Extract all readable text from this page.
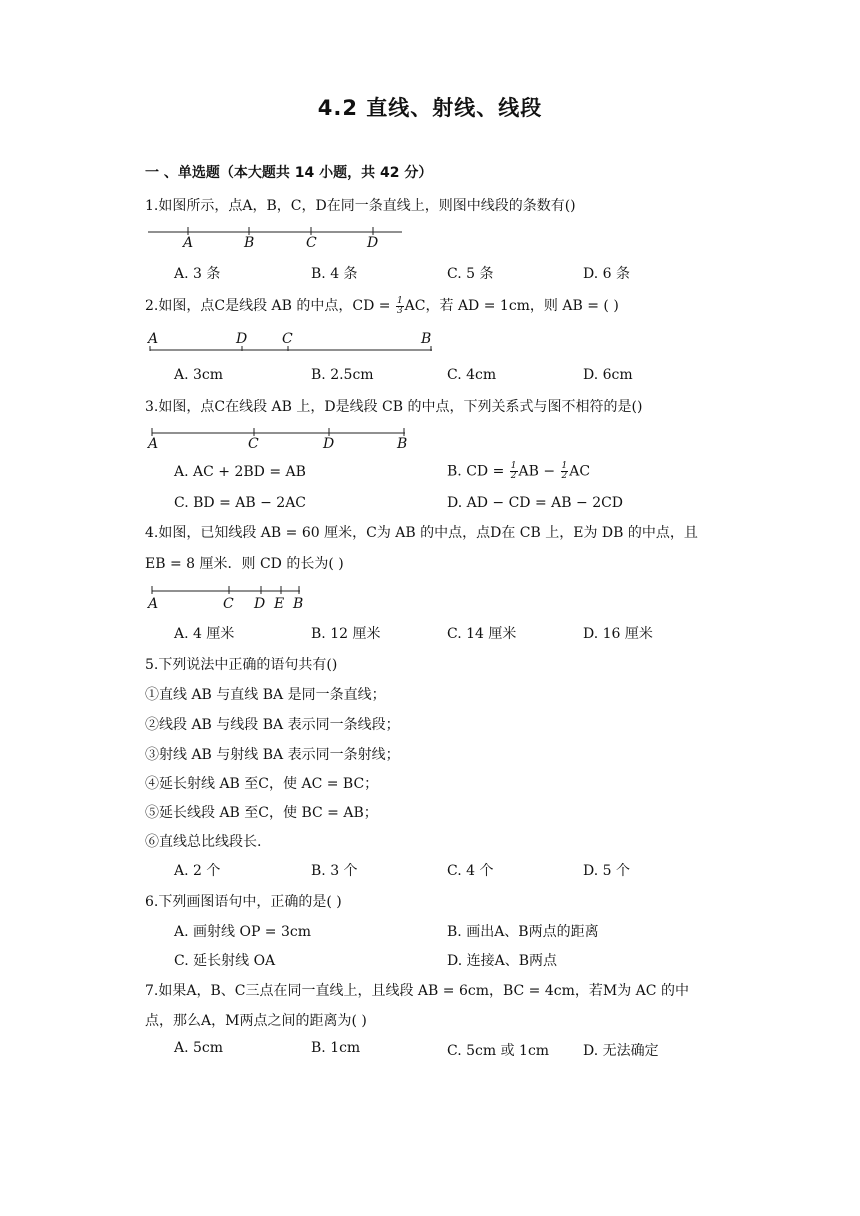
4.2 直线、射线、线段
一 、单选题（本大题共 14 小题，共 42 分）
1.如图所示，点A，B，C，D在同一条直线上，则图中线段的条数有()
A	B	C	D
A. 3 条	B. 4 条	C. 5 条	D. 6 条
2.如图，点C是线段 AB 的中点，CD = $\frac{1}{3}$ AC，若 AD = 1cm，则 AB = ( )
A	D C	B
A. 3cm	B. 2.5cm	C. 4cm	D. 6cm
3.如图，点C在线段 AB 上，D是线段 CB 的中点，下列关系式与图不相符的是()
A	C	D	B
A. AC + 2BD = AB	B. CD = $\frac{1}{2}$ AB − $\frac{1}{2}$ AC
C. BD = AB − 2AC	D. AD − CD = AB − 2CD
4.如图，已知线段 AB = 60 厘米，C为 AB 的中点，点D在 CB 上，E为 DB 的中点，且
EB = 8 厘米．则 CD 的长为( )
A	C D E B
A. 4 厘米	B. 12 厘米	C. 14 厘米	D. 16 厘米
5.下列说法中正确的语句共有()
①直线 AB 与直线 BA 是同一条直线；
②线段 AB 与线段 BA 表示同一条线段；
③射线 AB 与射线 BA 表示同一条射线；
④延长射线 AB 至C，使 AC = BC；
⑤延长线段 AB 至C，使 BC = AB；
⑥直线总比线段长.
A. 2 个	B. 3 个	C. 4 个	D. 5 个
6.下列画图语句中，正确的是( )
A. 画射线 OP = 3cm	B. 画出A、B两点的距离
C. 延长射线 OA	D. 连接A、B两点
7.如果A，B、C三点在同一直线上，且线段 AB = 6cm，BC = 4cm，若M为 AC 的中
点，那么A，M两点之间的距离为( )
A. 5cm	B. 1cm	C. 5cm 或 1cm D. 无法确定
